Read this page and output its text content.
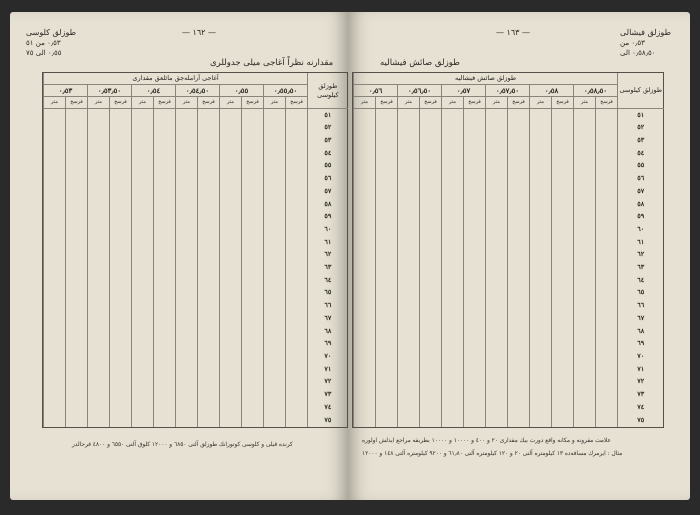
طوزلق كلوسی
٠٫٥٣ من ٥١
٠٫٥٥ الی ٧٥
— ١٦٢ —
مقدارنه نظراً آغاجی میلی جدوللری
آغاجی آرامله‌جق مائلعق مقداری												طوزلق كیلوسی
٠٫٥٣		٠٫٥٣٫٥٠		٠٫٥٤		٠٫٥٤٫٥٠		٠٫٥٥		٠٫٥٥٫٥٠		
متر	فرسخ	متر	فرسخ	متر	فرسخ	متر	فرسخ	متر	فرسخ	متر	فرسخ	
												٥١
												٥٢
												٥٣
												٥٤
												٥٥
												٥٦
												٥٧
												٥٨
												٥٩
												٦٠
												٦١
												٦٢
												٦٣
												٦٤
												٦٥
												٦٦
												٦٧
												٦٨
												٦٩
												٧٠
												٧١
												٧٢
												٧٣
												٧٤
												٧٥
كرنده قیلی و كلوسی كوتورانك طوزلق آلتی ٦٨٥٠ و ١٢٠٠٠ كلوق آلتی ٦٥٥٠ و ٤٨٠٠ قرحالدر
— ١٦٣ —	طوزلق فیشالی
٠٫٥٣ من
٠٫٥٨٫٥٠ الی
طوزلق صائش فیشالیه
طوزلق صائش فیشالیه												طوزلق كیلوسی
٠٫٥٦		٠٫٥٦٫٥٠		٠٫٥٧		٠٫٥٧٫٥٠		٠٫٥٨		٠٫٥٨٫٥٠		
متر	فرسخ	متر	فرسخ	متر	فرسخ	متر	فرسخ	متر	فرسخ	متر	فرسخ	
												٥١
												٥٢
												٥٣
												٥٤
												٥٥
												٥٦
												٥٧
												٥٨
												٥٩
												٦٠
												٦١
												٦٢
												٦٣
												٦٤
												٦٥
												٦٦
												٦٧
												٦٨
												٦٩
												٧٠
												٧١
												٧٢
												٧٣
												٧٤
												٧٥
علامت مقرونه و مكانه واقع دورت بیك مقداری ٢٠ و ٤٠٠ و ١٠٠٠٠ و ١٠٠٠٠ بطریقه مراجع ایدلش اولوره
مثال : ایرمرك مسافه‌ده ١٣ كیلومتره آلتی ٢٠ و ١٢٠ كیلومتره آلتی ٦١٫٨٠ و ٩٢٠٠ كیلومتره آلتی ١٤٨ و ١٢٠٠٠
